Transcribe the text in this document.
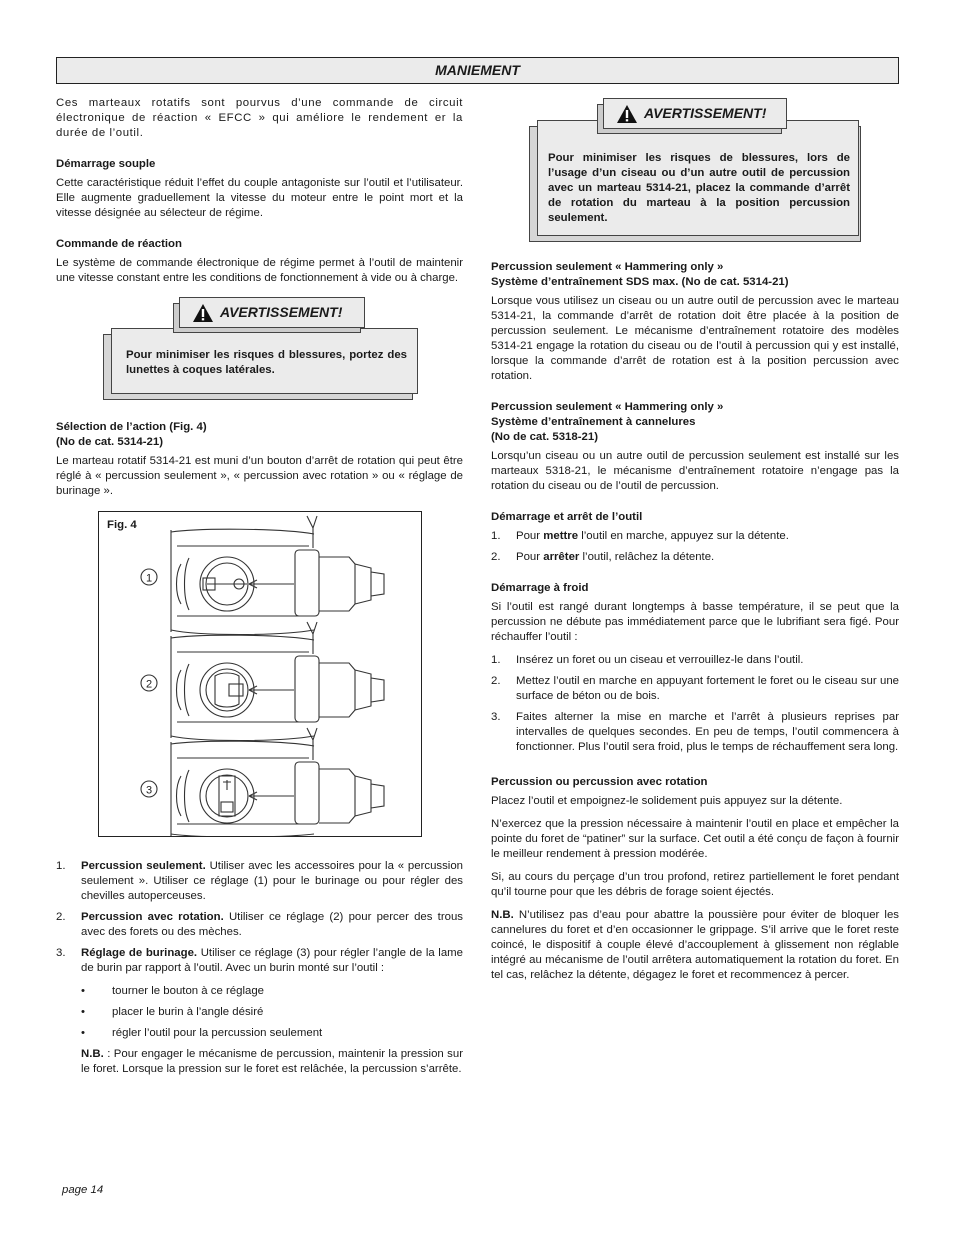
MANIEMENT

Ces marteaux rotatifs sont pourvus d’une commande de circuit électronique de réaction « EFCC » qui améliore le rendement er la durée de l’outil.

Démarrage souple

Cette caractéristique réduit l’effet du couple antagoniste sur l’outil et l’utilisateur. Elle augmente graduellement la vitesse du moteur entre le point mort et la vitesse désignée au sélecteur de régime.

Commande de réaction

Le système de commande électronique de régime permet à l’outil de maintenir une vitesse constant entre les conditions de fonctionnement à vide ou à charge.

Pour minimiser les risques d blessures, portez des lunettes à coques latérales.
AVERTISSEMENT!
Sélection de l’action (Fig. 4)
(No de cat. 5314-21)

Le marteau rotatif 5314-21 est muni d’un bouton d’arrêt de rotation qui peut être réglé à « percussion seulement », « percussion avec rotation » ou « réglage de burinage ».

Fig. 4
1
2
3
1. Percussion seulement. Utiliser avec les accessoires pour la « percussion seulement ». Utiliser ce réglage (1) pour le burinage ou pour régler des chevilles autoperceuses.
2. Percussion avec rotation. Utiliser ce réglage (2) pour percer des trous avec des forets ou des mèches.
3. Réglage de burinage. Utiliser ce réglage (3) pour régler l’angle de la lame de burin par rapport à l’outil. Avec un burin monté sur l’outil :
• tourner le bouton à ce réglage
• placer le burin à l’angle désiré
• régler l’outil pour la percussion seulement
N.B. : Pour engager le mécanisme de percussion, maintenir la pression sur le foret. Lorsque la pression sur le foret est relâchée, la percussion s’arrête.
Pour minimiser les risques de blessures, lors de l’usage d’un ciseau ou d’un autre outil de percussion avec un marteau 5314-21, placez la commande d’arrêt de rotation du marteau à la position percussion seulement.
AVERTISSEMENT!
Percussion seulement « Hammering only »
Système d’entraînement SDS max. (No de cat. 5314-21)

Lorsque vous utilisez un ciseau ou un autre outil de percussion avec le marteau 5314-21, la commande d’arrêt de rotation doit être placée à la position de percussion seulement. Le mécanisme d’entraînement rotatoire des modèles 5314-21 engage la rotation du ciseau ou de l’outil à percussion qui y est installé, lorsque la commande d’arrêt de rotation est à la position percussion avec rotation.

Percussion seulement « Hammering only »
Système d’entraînement à cannelures
(No de cat. 5318-21)

Lorsqu’un ciseau ou un autre outil de percussion seulement est installé sur les marteaux 5318-21, le mécanisme d’entraînement rotatoire n’engage pas la rotation du ciseau ou de l’outil de percussion.

Démarrage et arrêt de l’outil
1. Pour mettre l’outil en marche, appuyez sur la détente.
2. Pour arrêter l’outil, relâchez la détente.
Démarrage à froid

Si l’outil est rangé durant longtemps à basse température, il se peut que la percussion ne débute pas immédiatement parce que le lubrifiant sera figé. Pour réchauffer l’outil :

1. Insérez un foret ou un ciseau et verrouillez-le dans l’outil.
2. Mettez l’outil en marche en appuyant fortement le foret ou le ciseau sur une surface de béton ou de bois.
3. Faites alterner la mise en marche et l’arrêt à plusieurs reprises par intervalles de quelques secondes. En peu de temps, l’outil commencera à fonctionner. Plus l’outil sera froid, plus le temps de réchauffement sera long.
Percussion ou percussion avec rotation

Placez l’outil et empoignez-le solidement puis appuyez sur la détente.

N’exercez que la pression nécessaire à maintenir l’outil en place et empêcher la pointe du foret de “patiner” sur la surface. Cet outil a été conçu de façon à fournir le meilleur rendement à pression modérée.

Si, au cours du perçage d’un trou profond, retirez partiellement le foret pendant qu’il tourne pour que les débris de forage soient éjectés.

N.B. N’utilisez pas d’eau pour abattre la poussière pour éviter de bloquer les cannelures du foret et d’en occasionner le grippage. S’il arrive que le foret reste coincé, le dispositif à couple élevé d’accouplement à glissement non réglable intégré au mécanisme de l’outil arrêtera automatiquement la rotation du foret. En tel cas, relâchez la détente, dégagez le foret et recommencez à percer.

page 14
